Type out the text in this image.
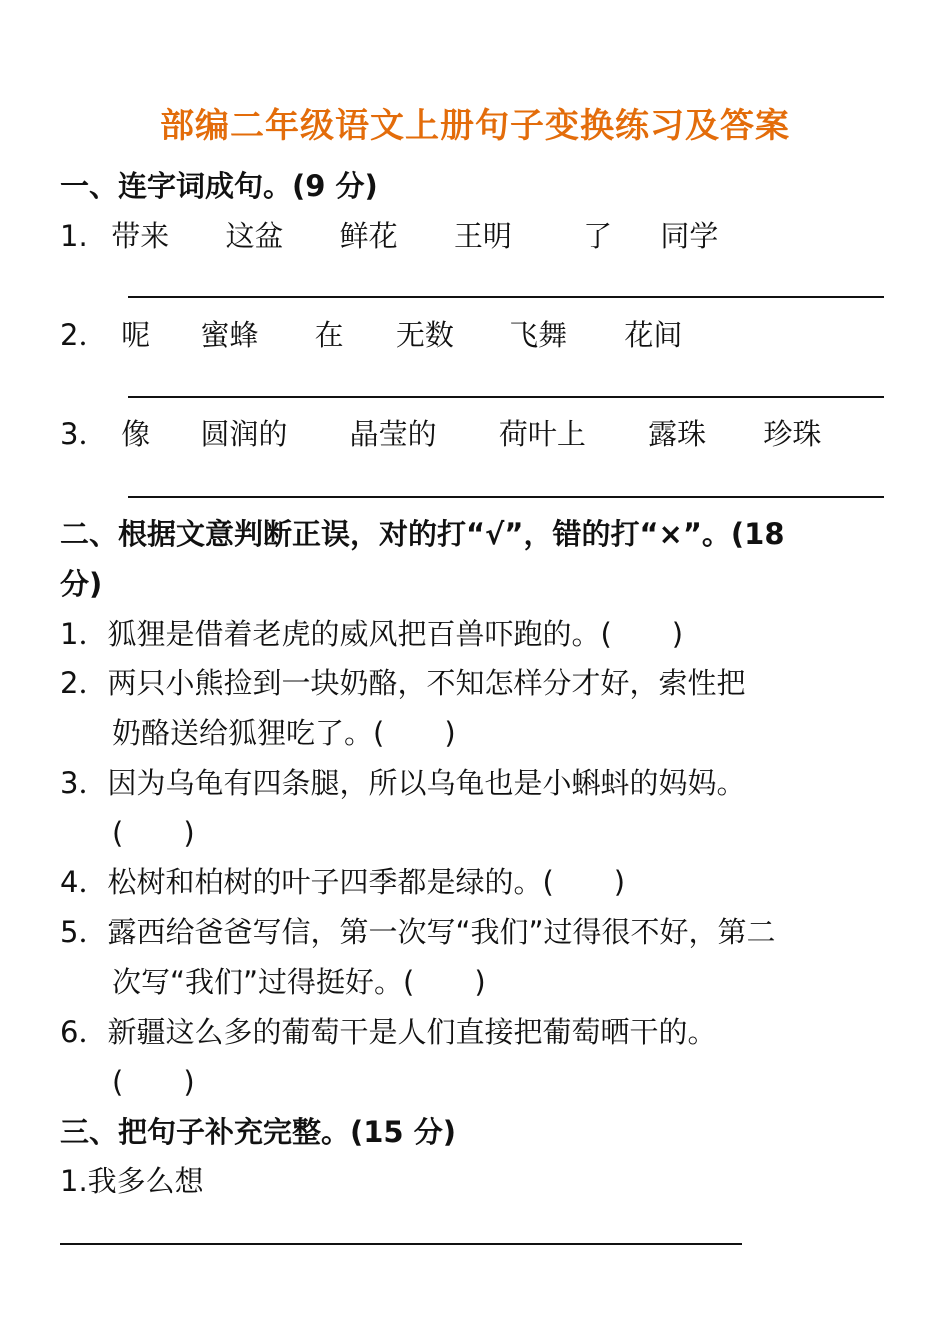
部编二年级语文上册句子变换练习及答案
一、连字词成句。(9 分)
1. 带来 这盆 鲜花 王明 了 同学
2． 呢 蜜蜂 在 无数 飞舞 花间
3． 像 圆润的 晶莹的 荷叶上 露珠 珍珠
二、根据文意判断正误，对的打“√”，错的打“×”。(18
分)
1．狐狸是借着老虎的威风把百兽吓跑的。( )
2．两只小熊捡到一块奶酪，不知怎样分才好，索性把
奶酪送给狐狸吃了。( )
3．因为乌龟有四条腿，所以乌龟也是小蝌蚪的妈妈。
( )
4．松树和柏树的叶子四季都是绿的。( )
5．露西给爸爸写信，第一次写“我们”过得很不好，第二
次写“我们”过得挺好。( )
6．新疆这么多的葡萄干是人们直接把葡萄晒干的。
( )
三、把句子补充完整。(15 分)
1.我多么想
